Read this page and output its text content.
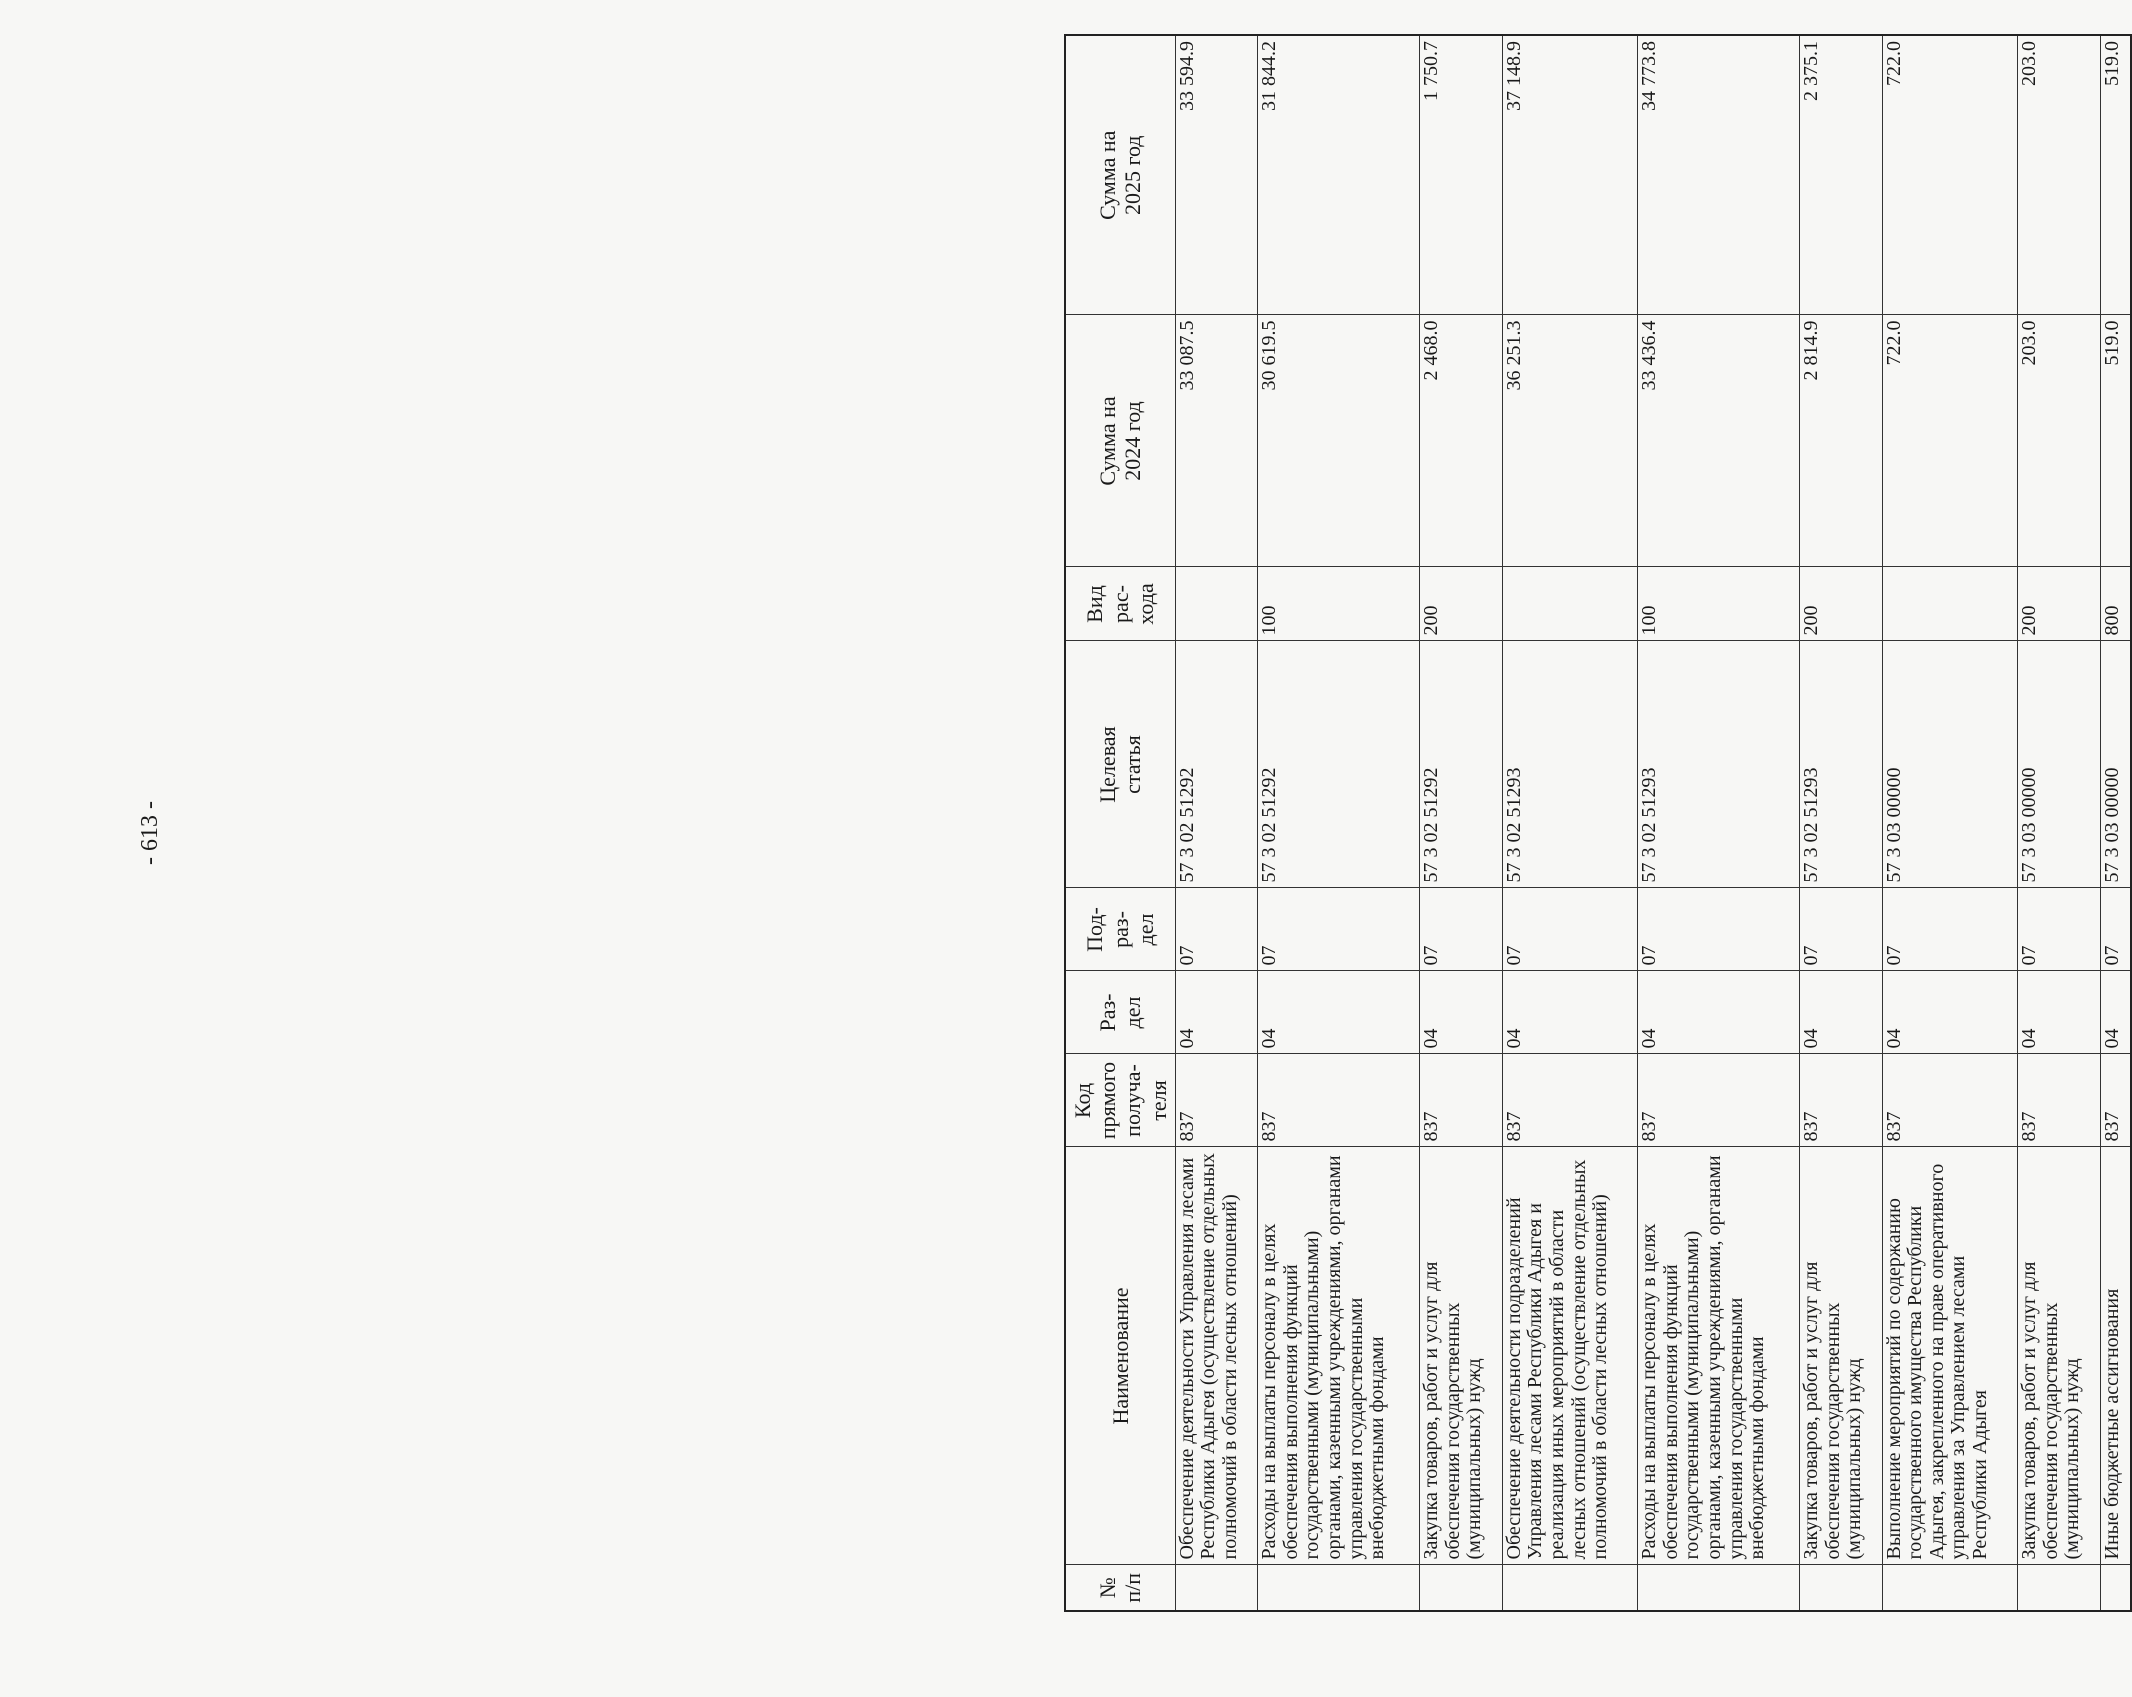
- 613 -
№ п/п	Наименование	Код прямого получа- теля	Раз- дел	Под- раз- дел	Целевая статья	Вид рас- хода	Сумма на 2024 год	Сумма на 2025 год

	Обеспечение деятельности Управления лесами Республики Адыгея (осуществление отдельных полномочий в области лесных отношений)	837	04	07	57 3 02 51292		33 087.5	33 594.9
	Расходы на выплаты персоналу в целях обеспечения выполнения функций государственными (муниципальными) органами, казенными учреждениями, органами управления государственными внебюджетными фондами	837	04	07	57 3 02 51292	100	30 619.5	31 844.2
	Закупка товаров, работ и услуг для обеспечения государственных (муниципальных) нужд	837	04	07	57 3 02 51292	200	2 468.0	1 750.7
	Обеспечение деятельности подразделений Управления лесами Республики Адыгея и реализация иных мероприятий в области лесных отношений (осуществление отдельных полномочий в области лесных отношений)	837	04	07	57 3 02 51293		36 251.3	37 148.9
	Расходы на выплаты персоналу в целях обеспечения выполнения функций государственными (муниципальными) органами, казенными учреждениями, органами управления государственными внебюджетными фондами	837	04	07	57 3 02 51293	100	33 436.4	34 773.8
	Закупка товаров, работ и услуг для обеспечения государственных (муниципальных) нужд	837	04	07	57 3 02 51293	200	2 814.9	2 375.1
	Выполнение мероприятий по содержанию государственного имущества Республики Адыгея, закрепленного на праве оперативного управления за Управлением лесами Республики Адыгея	837	04	07	57 3 03 00000		722.0	722.0
	Закупка товаров, работ и услуг для обеспечения государственных (муниципальных) нужд	837	04	07	57 3 03 00000	200	203.0	203.0
	Иные бюджетные ассигнования	837	04	07	57 3 03 00000	800	519.0	519.0
